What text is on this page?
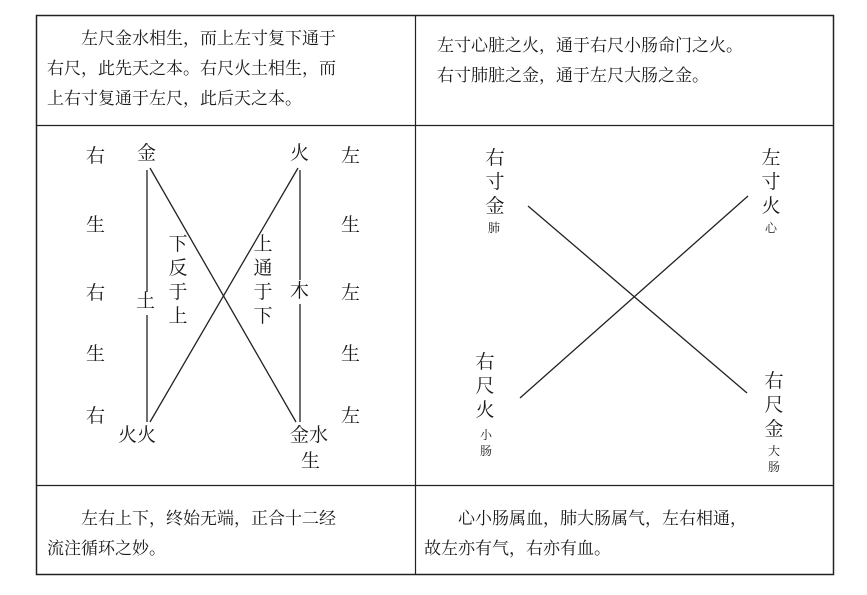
　　左尺金水相生，而上左寸复下通于
右尺，此先天之本。右尺火土相生，而
上右寸复通于左尺，此后天之本。
左寸心脏之火，通于右尺小肠命门之火。
右寸肺脏之金，通于左尺大肠之金。
　　左右上下，终始无端，正合十二经
流注循环之妙。
　　心小肠属血，肺大肠属气，左右相通，
故左亦有气，右亦有血。
右
生
右
生
右
左
生
左
生
左
金	火
土	木
火火	金水
生
下反于上
上通于下
右寸金
肺
左寸火
心
右尺火
小肠
右尺金
大肠
